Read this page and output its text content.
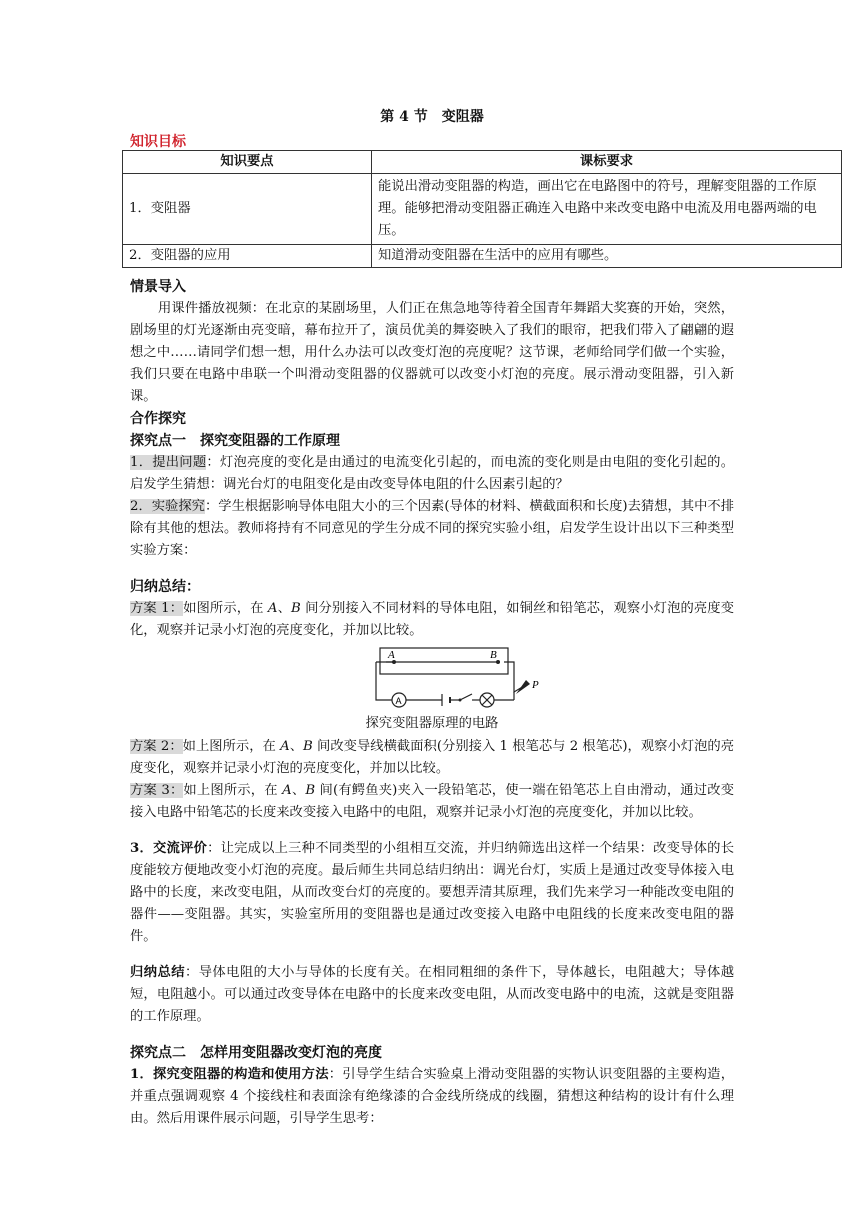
第 4 节　变阻器
知识目标
知识要点	课标要求
1．变阻器	能说出滑动变阻器的构造，画出它在电路图中的符号，理解变阻器的工作原理。能够把滑动变阻器正确连入电路中来改变电路中电流及用电器两端的电压。
2．变阻器的应用	知道滑动变阻器在生活中的应用有哪些。
情景导入

用课件播放视频：在北京的某剧场里，人们正在焦急地等待着全国青年舞蹈大奖赛的开始，突然，剧场里的灯光逐渐由亮变暗，幕布拉开了，演员优美的舞姿映入了我们的眼帘，把我们带入了翩翩的遐想之中……请同学们想一想，用什么办法可以改变灯泡的亮度呢？这节课，老师给同学们做一个实验，我们只要在电路中串联一个叫滑动变阻器的仪器就可以改变小灯泡的亮度。展示滑动变阻器，引入新课。

合作探究
探究点一　探究变阻器的工作原理

1．提出问题：灯泡亮度的变化是由通过的电流变化引起的，而电流的变化则是由电阻的变化引起的。启发学生猜想：调光台灯的电阻变化是由改变导体电阻的什么因素引起的？

2．实验探究：学生根据影响导体电阻大小的三个因素(导体的材料、横截面积和长度)去猜想，其中不排除有其他的想法。教师将持有不同意见的学生分成不同的探究实验小组，启发学生设计出以下三种类型实验方案：

归纳总结：

方案 1：如图所示，在 A、B 间分别接入不同材料的导体电阻，如铜丝和铅笔芯，观察小灯泡的亮度变化，观察并记录小灯泡的亮度变化，并加以比较。

A	B
A
P
探究变阻器原理的电路

方案 2：如上图所示，在 A、B 间改变导线横截面积(分别接入 1 根笔芯与 2 根笔芯)，观察小灯泡的亮度变化，观察并记录小灯泡的亮度变化，并加以比较。

方案 3：如上图所示，在 A、B 间(有鳄鱼夹)夹入一段铅笔芯，使一端在铅笔芯上自由滑动，通过改变接入电路中铅笔芯的长度来改变接入电路中的电阻，观察并记录小灯泡的亮度变化，并加以比较。

3．交流评价：让完成以上三种不同类型的小组相互交流，并归纳筛选出这样一个结果：改变导体的长度能较方便地改变小灯泡的亮度。最后师生共同总结归纳出：调光台灯，实质上是通过改变导体接入电路中的长度，来改变电阻，从而改变台灯的亮度的。要想弄清其原理，我们先来学习一种能改变电阻的器件——变阻器。其实，实验室所用的变阻器也是通过改变接入电路中电阻线的长度来改变电阻的器件。

归纳总结：导体电阻的大小与导体的长度有关。在相同粗细的条件下，导体越长，电阻越大；导体越短，电阻越小。可以通过改变导体在电路中的长度来改变电阻，从而改变电路中的电流，这就是变阻器的工作原理。

探究点二　怎样用变阻器改变灯泡的亮度

1．探究变阻器的构造和使用方法：引导学生结合实验桌上滑动变阻器的实物认识变阻器的主要构造，并重点强调观察 4 个接线柱和表面涂有绝缘漆的合金线所绕成的线圈，猜想这种结构的设计有什么理由。然后用课件展示问题，引导学生思考：
